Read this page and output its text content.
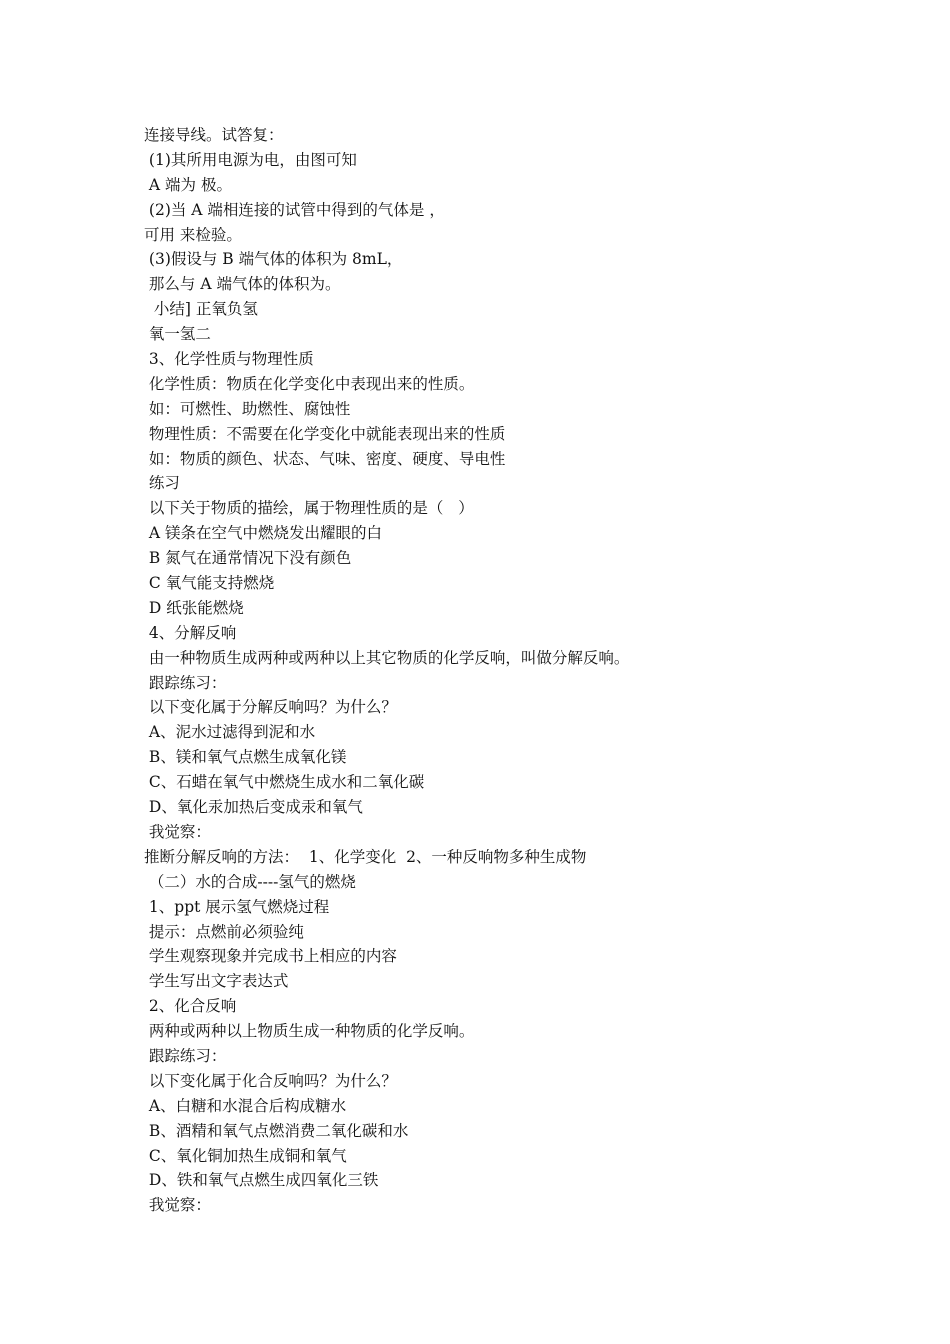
连接导线。试答复：
(1)其所用电源为电，由图可知
A 端为 极。
(2)当 A 端相连接的试管中得到的气体是 ，
可用 来检验。
(3)假设与 B 端气体的体积为 8mL，
那么与 A 端气体的体积为。
小结] 正氧负氢
氧一氢二
3、化学性质与物理性质
化学性质：物质在化学变化中表现出来的性质。
如：可燃性、助燃性、腐蚀性
物理性质：不需要在化学变化中就能表现出来的性质
如：物质的颜色、状态、气味、密度、硬度、导电性
练习
以下关于物质的描绘，属于物理性质的是（   ）
A 镁条在空气中燃烧发出耀眼的白
B 氮气在通常情况下没有颜色
C 氧气能支持燃烧
D 纸张能燃烧
4、分解反响
由一种物质生成两种或两种以上其它物质的化学反响，叫做分解反响。
跟踪练习：
以下变化属于分解反响吗？为什么？
A、泥水过滤得到泥和水
B、镁和氧气点燃生成氧化镁
C、石蜡在氧气中燃烧生成水和二氧化碳
D、氧化汞加热后变成汞和氧气
我觉察：
推断分解反响的方法：  1、化学变化  2、一种反响物多种生成物
（二）水的合成----氢气的燃烧
1、ppt 展示氢气燃烧过程
提示：点燃前必须验纯
学生观察现象并完成书上相应的内容
学生写出文字表达式
2、化合反响
两种或两种以上物质生成一种物质的化学反响。
跟踪练习：
以下变化属于化合反响吗？为什么？
A、白糖和水混合后构成糖水
B、酒精和氧气点燃消费二氧化碳和水
C、氧化铜加热生成铜和氧气
D、铁和氧气点燃生成四氧化三铁
我觉察：
